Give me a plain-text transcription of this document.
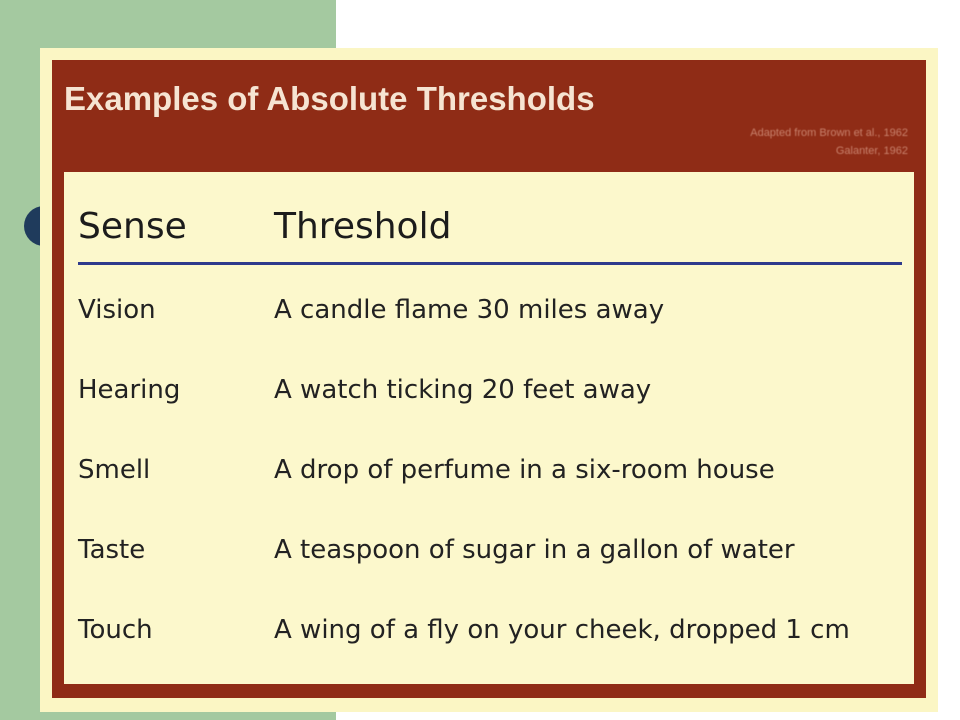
Examples of Absolute Thresholds
Adapted from Brown et al., 1962
Galanter, 1962
Sense Threshold
Vision	A candle flame 30 miles away
Hearing	A watch ticking 20 feet away
Smell	A drop of perfume in a six-room house
Taste	A teaspoon of sugar in a gallon of water
Touch	A wing of a fly on your cheek, dropped 1 cm
